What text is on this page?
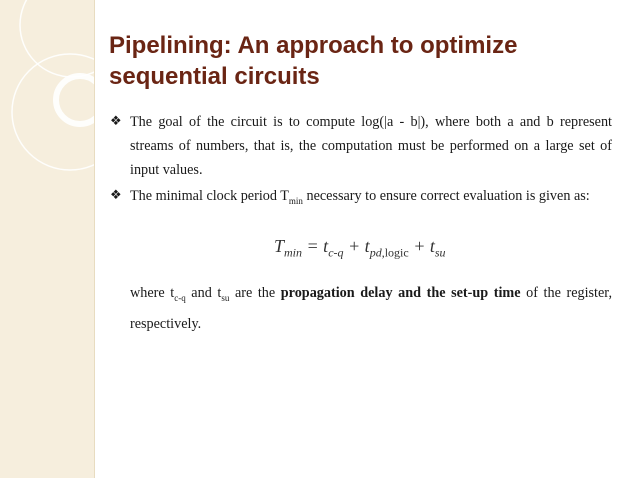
Pipelining: An approach to optimize
sequential circuits
❖ The goal of the circuit is to compute log(|a - b|), where both a and b represent
streams of numbers, that is, the computation must be performed on a large set of
input values.
❖ The minimal clock period $T_{min}$ necessary to ensure correct evaluation is given as:
$T_{min} = t_{c-q} + t_{pd,logic} + t_{su}$
where $t_{c-q}$ and $t_{su}$ are the propagation delay and the set-up time of the register,
respectively.
